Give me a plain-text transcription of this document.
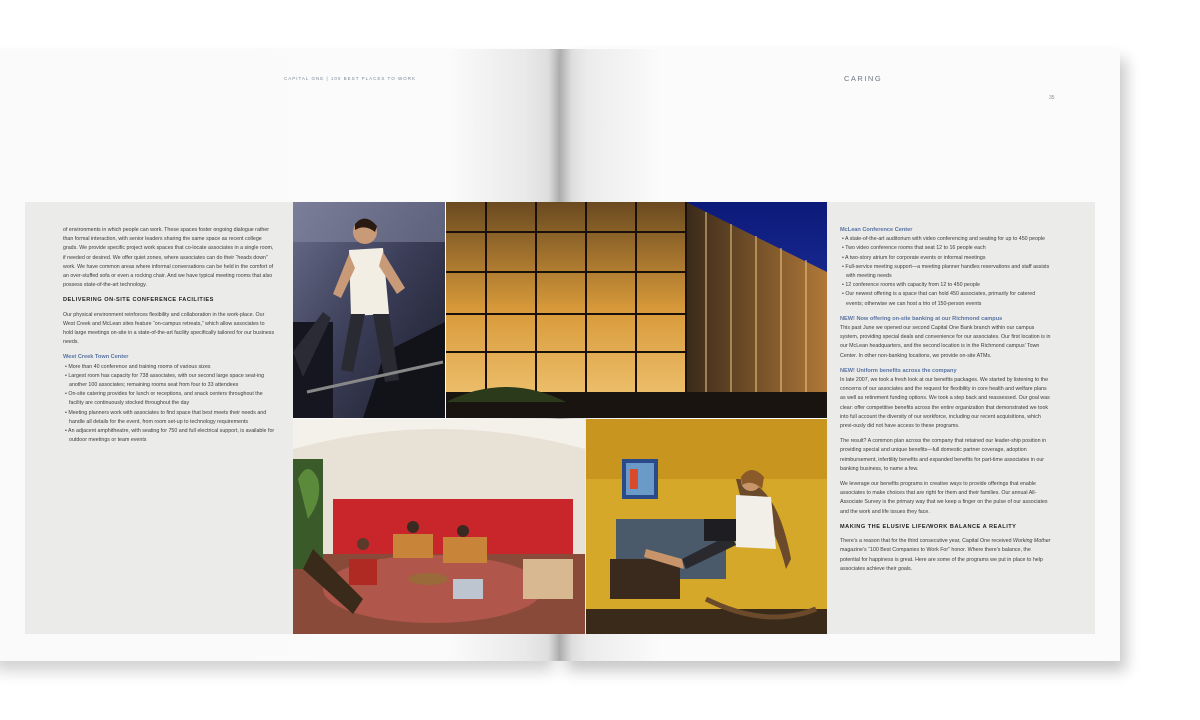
CAPITAL ONE | 100 BEST PLACES TO WORK	CARING
35

of environments in which people can work. These spaces foster ongoing dialogue rather than formal interaction, with senior leaders sharing the same space as recent college grads. We provide specific project work spaces that co-locate associates in a single room, if needed or desired. We offer quiet zones, where associates can do their “heads down” work. We have common areas where informal conversations can be held in the comfort of an over-stuffed sofa or even a rocking chair. And we have typical meeting rooms that also possess state-of-the-art technology.

DELIVERING ON-SITE CONFERENCE FACILITIES

Our physical environment reinforces flexibility and collaboration in the work-place. Our West Creek and McLean sites feature “on-campus retreats,” which allow associates to hold large meetings on-site in a state-of-the-art facility specifically tailored for our business needs.

West Creek Town Center
• More than 40 conference and training rooms of various sizes
• Largest room has capacity for 738 associates, with our second large space seat-ing another 100 associates; remaining rooms seat from four to 33 attendees
• On-site catering provides for lunch or receptions, and snack centers throughout the facility are continuously stocked throughout the day
• Meeting planners work with associates to find space that best meets their needs and handle all details for the event, from room set-up to technology requirements
• An adjacent amphitheatre, with seating for 750 and full electrical support, is available for outdoor meetings or team events
McLean Conference Center
• A state-of-the-art auditorium with video conferencing and seating for up to 450 people
• Two video conference rooms that seat 12 to 16 people each
• A two-story atrium for corporate events or informal meetings
• Full-service meeting support—a meeting planner handles reservations and staff assists with meeting needs
• 12 conference rooms with capacity from 12 to 450 people
• Our newest offering is a space that can hold 450 associates, primarily for catered events; otherwise we can host a trio of 150-person events
NEW! Now offering on-site banking at our Richmond campus

This past June we opened our second Capital One Bank branch within our campus system, providing special deals and convenience for our associates. Our first location is in our McLean headquarters, and the second location is in the Richmond campus’ Town Center. In other non-banking locations, we provide on-site ATMs.

NEW! Uniform benefits across the company

In late 2007, we took a fresh look at our benefits packages. We started by listening to the concerns of our associates and the request for flexibility in core health and welfare plans as well as retirement funding options. We took a step back and reassessed. Our goal was clear: offer competitive benefits across the entire organization that demonstrated we took into full account the diversity of our workforce, including our recent acquisitions, which previ-ously did not have access to these programs.

The result? A common plan across the company that retained our leader-ship position in providing special and unique benefits—full domestic partner coverage, adoption reimbursement, infertility benefits and expanded benefits for part-time associates in our banking business, to name a few.

We leverage our benefits programs in creative ways to provide offerings that enable associates to make choices that are right for them and their families. Our annual All-Associate Survey is the primary way that we keep a finger on the pulse of our associates and the work and life issues they face.

MAKING THE ELUSIVE LIFE/WORK BALANCE A REALITY

There’s a reason that for the third consecutive year, Capital One received Working Mother magazine’s “100 Best Companies to Work For” honor. Where there’s balance, the potential for happiness is great. Here are some of the programs we put in place to help associates achieve their goals.
